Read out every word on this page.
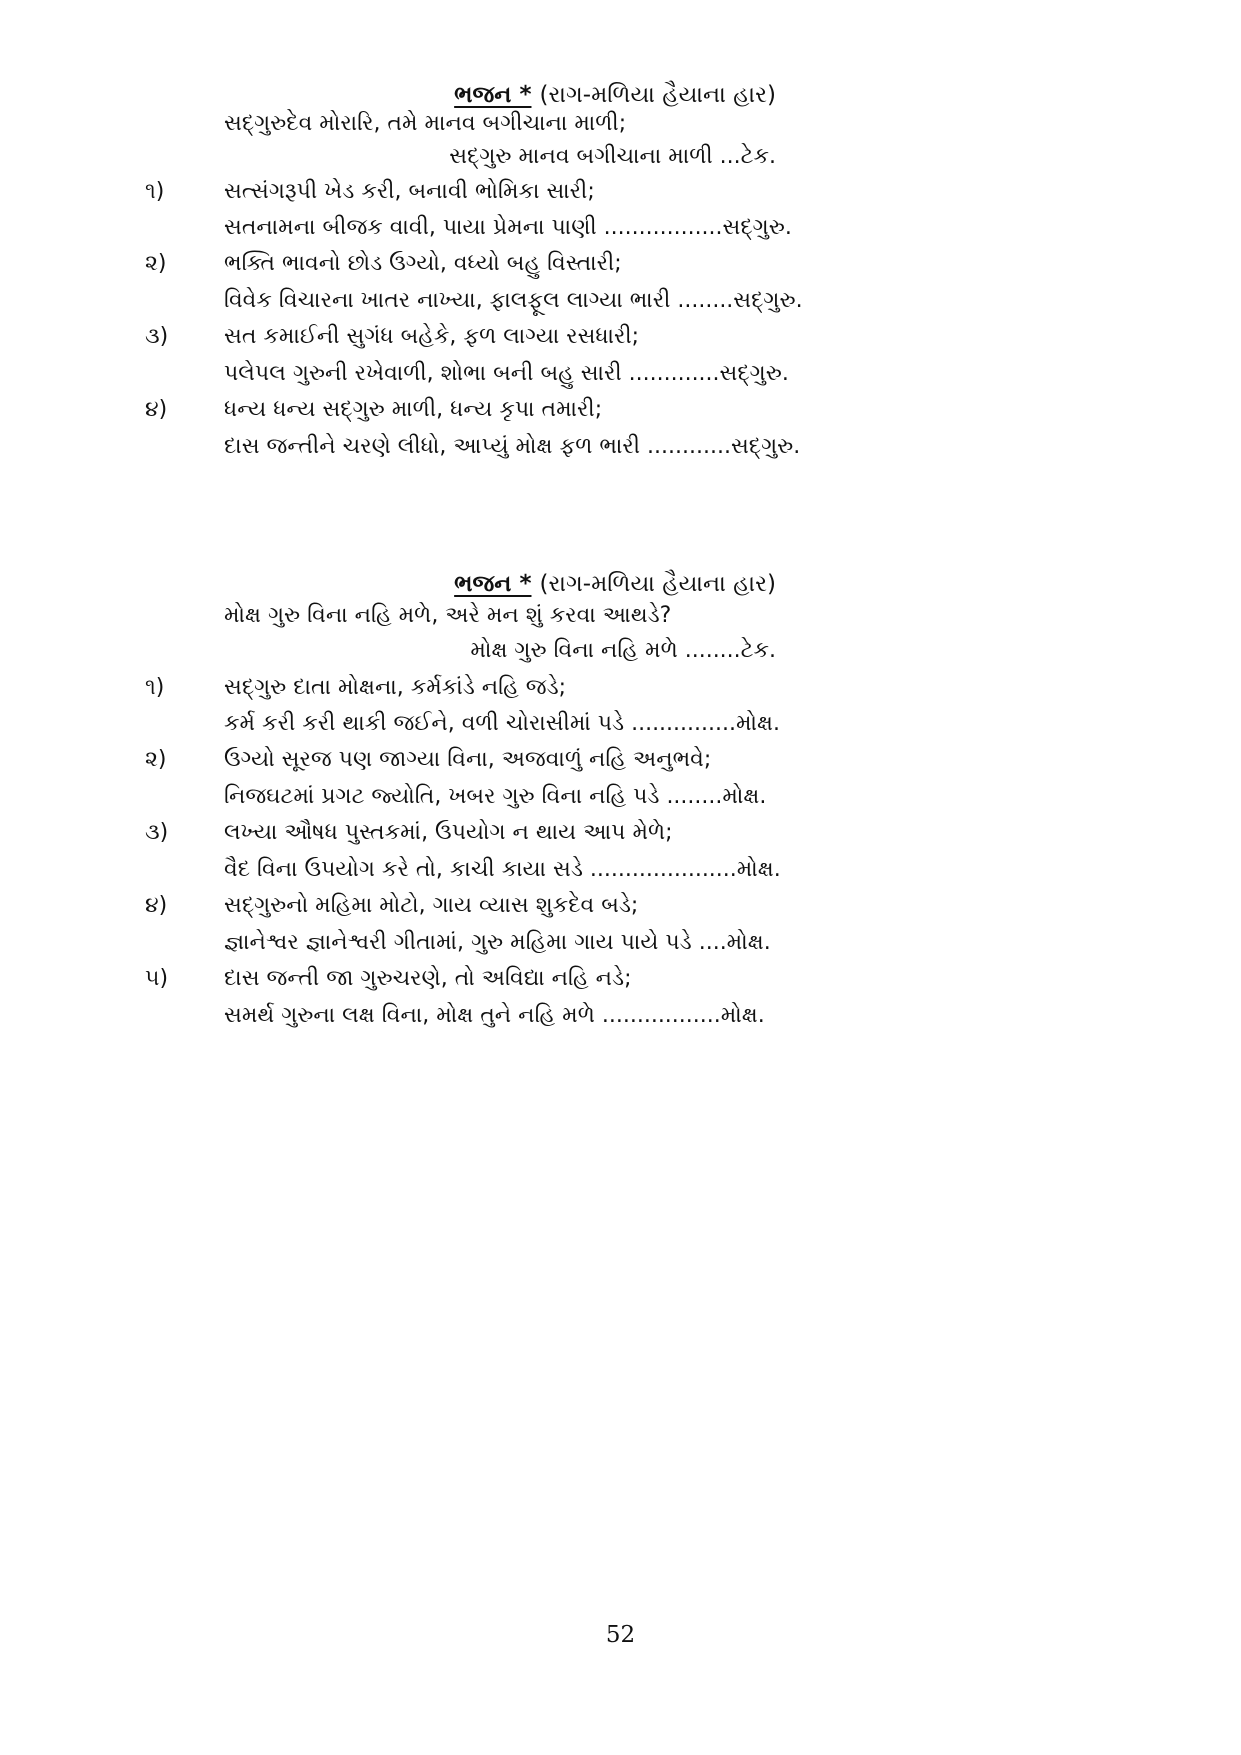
ભજન * (રાગ-મળિયા હૈયાના હાર)
સદ્‌ગુરુદેવ મોરારિ, તમે માનવ બગીચાના માળી;
સદ્‌ગુરુ માનવ બગીચાના માળી ...ટેક.
૧)	સત્સંગરૂપી ખેડ કરી, બનાવી ભોમિકા સારી;
સતનામના બીજક વાવી, પાયા પ્રેમના પાણી .................સદ્‌ગુરુ.
૨)	ભક્તિ ભાવનો છોડ ઉગ્યો, વધ્યો બહુ વિસ્તારી;
વિવેક વિચારના ખાતર નાખ્યા, ફાલફૂલ લાગ્યા ભારી ........સદ્‌ગુરુ.
૩)	સત કમાઈની સુગંધ બહેકે, ફળ લાગ્યા રસધારી;
પલેપલ ગુરુની રખેવાળી, શોભા બની બહુ સારી .............સદ્‌ગુરુ.
૪)	ધન્ય ધન્ય સદ્‌ગુરુ માળી, ધન્ય કૃપા તમારી;
દાસ જન્તીને ચરણે લીધો, આપ્યું મોક્ષ ફળ ભારી ............સદ્‌ગુરુ.
ભજન * (રાગ-મળિયા હૈયાના હાર)
મોક્ષ ગુરુ વિના નહિ મળે, અરે મન શું કરવા આથડે?
મોક્ષ ગુરુ વિના નહિ મળે ........ટેક.
૧)	સદ્‌ગુરુ દાતા મોક્ષના, કર્મકાંડે નહિ જડે;
કર્મ કરી કરી થાકી જઈને, વળી ચોરાસીમાં પડે ...............મોક્ષ.
૨)	ઉગ્યો સૂરજ પણ જાગ્યા વિના, અજવાળું નહિ અનુભવે;
નિજઘટમાં પ્રગટ જ્યોતિ, ખબર ગુરુ વિના નહિ પડે ........મોક્ષ.
૩)	લખ્યા ઔષધ પુસ્તકમાં, ઉપયોગ ન થાય આપ મેળે;
વૈદ વિના ઉપયોગ કરે તો, કાચી કાયા સડે .....................મોક્ષ.
૪)	સદ્‌ગુરુનો મહિમા મોટો, ગાય વ્યાસ શુકદેવ બડે;
જ્ઞાનેશ્વર જ્ઞાનેશ્વરી ગીતામાં, ગુરુ મહિમા ગાય પાયે પડે ....મોક્ષ.
૫)	દાસ જન્તી જા ગુરુચરણે, તો અવિદ્યા નહિ નડે;
સમર્થ ગુરુના લક્ષ વિના, મોક્ષ તુને નહિ મળે .................મોક્ષ.
52
